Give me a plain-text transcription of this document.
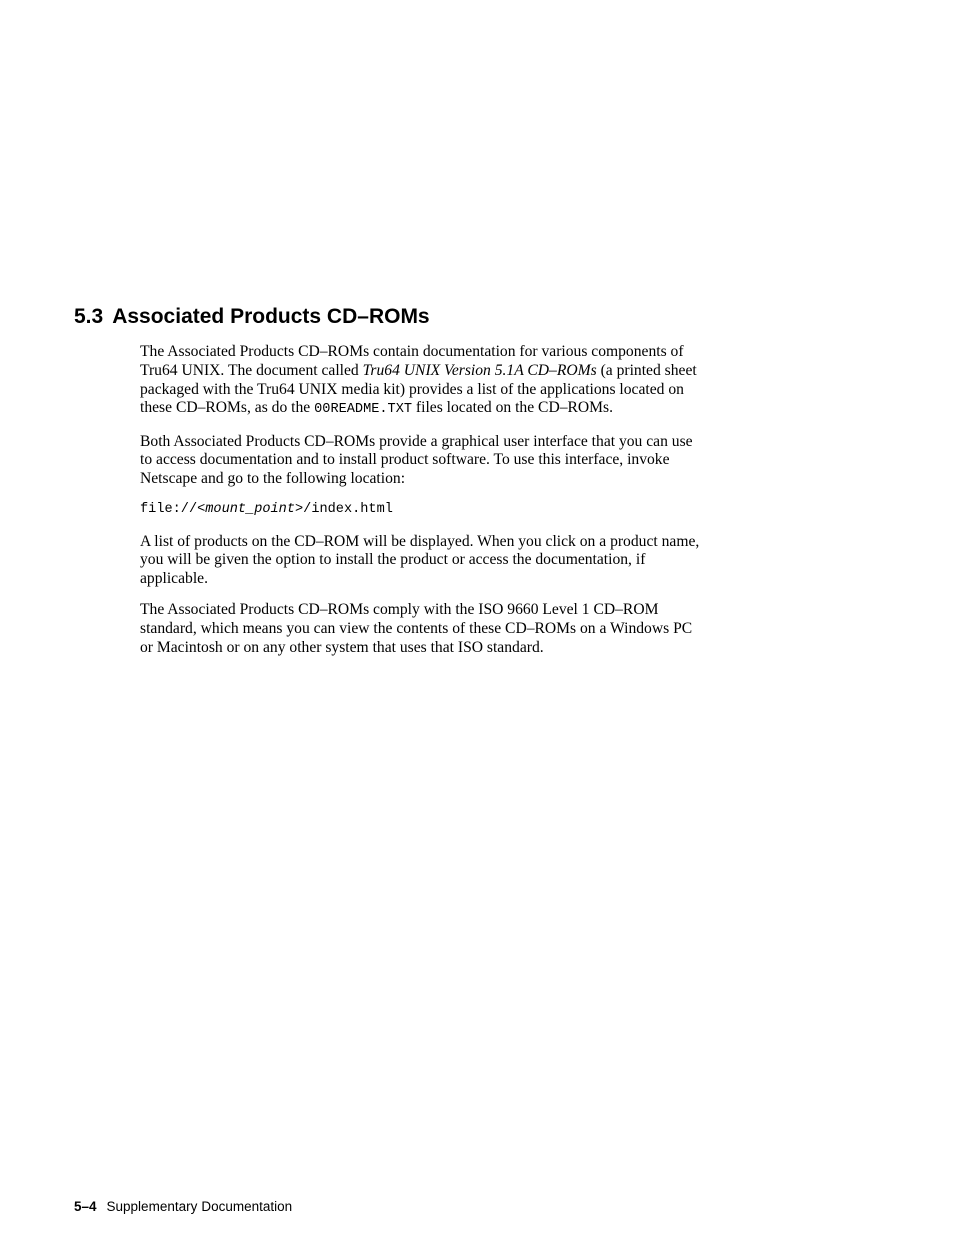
5.3 Associated Products CD–ROMs

The Associated Products CD–ROMs contain documentation for various components of Tru64 UNIX. The document called Tru64 UNIX Version 5.1A CD–ROMs (a printed sheet packaged with the Tru64 UNIX media kit) provides a list of the applications located on these CD–ROMs, as do the 00README.TXT files located on the CD–ROMs.

Both Associated Products CD–ROMs provide a graphical user interface that you can use to access documentation and to install product software. To use this interface, invoke Netscape and go to the following location:

file://<mount_point>/index.html

A list of products on the CD–ROM will be displayed. When you click on a product name, you will be given the option to install the product or access the documentation, if applicable.

The Associated Products CD–ROMs comply with the ISO 9660 Level 1 CD–ROM standard, which means you can view the contents of these CD–ROMs on a Windows PC or Macintosh or on any other system that uses that ISO standard.

5–4 Supplementary Documentation
